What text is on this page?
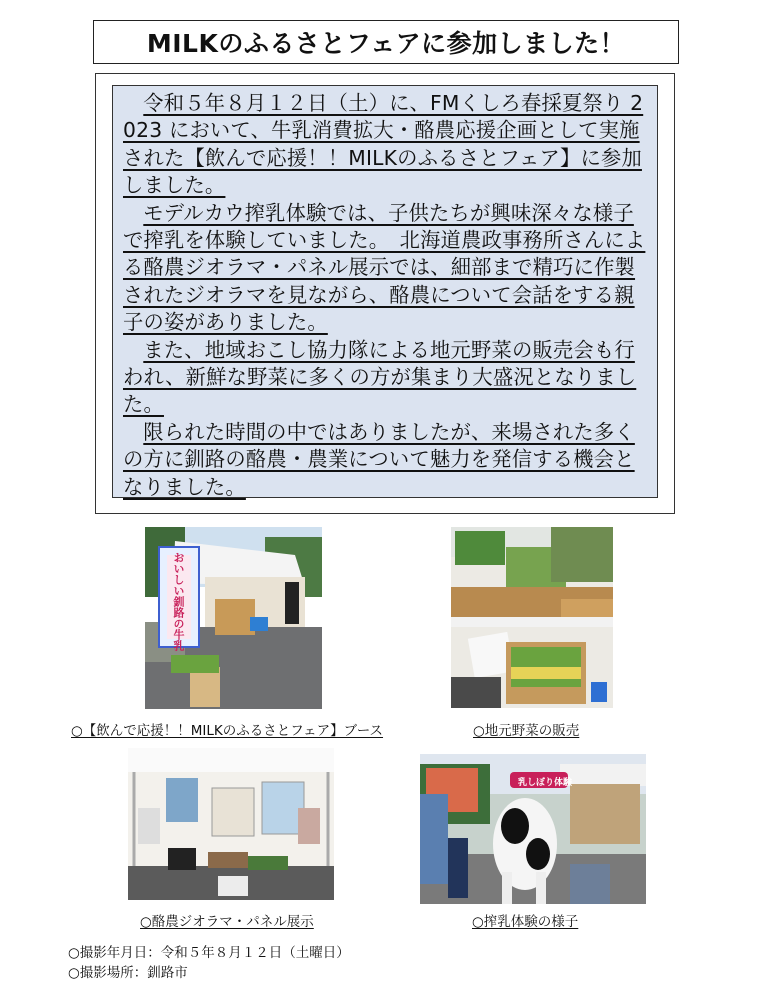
MILKのふるさとフェアに参加しました！

令和５年８月１２日（土）に、FMくしろ春採夏祭り 2023 において、牛乳消費拡大・酪農応援企画として実施された【飲んで応援！！MILKのふるさとフェア】に参加しました。

モデルカウ搾乳体験では、子供たちが興味深々な様子で搾乳を体験していました。　北海道農政事務所さんによる酪農ジオラマ・パネル展示では、細部まで精巧に作製されたジオラマを見ながら、酪農について会話をする親子の姿がありました。

また、地域おこし協力隊による地元野菜の販売会も行われ、新鮮な野菜に多くの方が集まり大盛況となりました。

限られた時間の中ではありましたが、来場された多くの方に釧路の酪農・農業について魅力を発信する機会となりました。

おいしい釧路の牛乳
乳しぼり体験
○【飲んで応援！！MILKのふるさとフェア】ブース	○地元野菜の販売
○酪農ジオラマ・パネル展示	○搾乳体験の様子
○撮影年月日：令和５年８月１２日（土曜日）
○撮影場所：釧路市
